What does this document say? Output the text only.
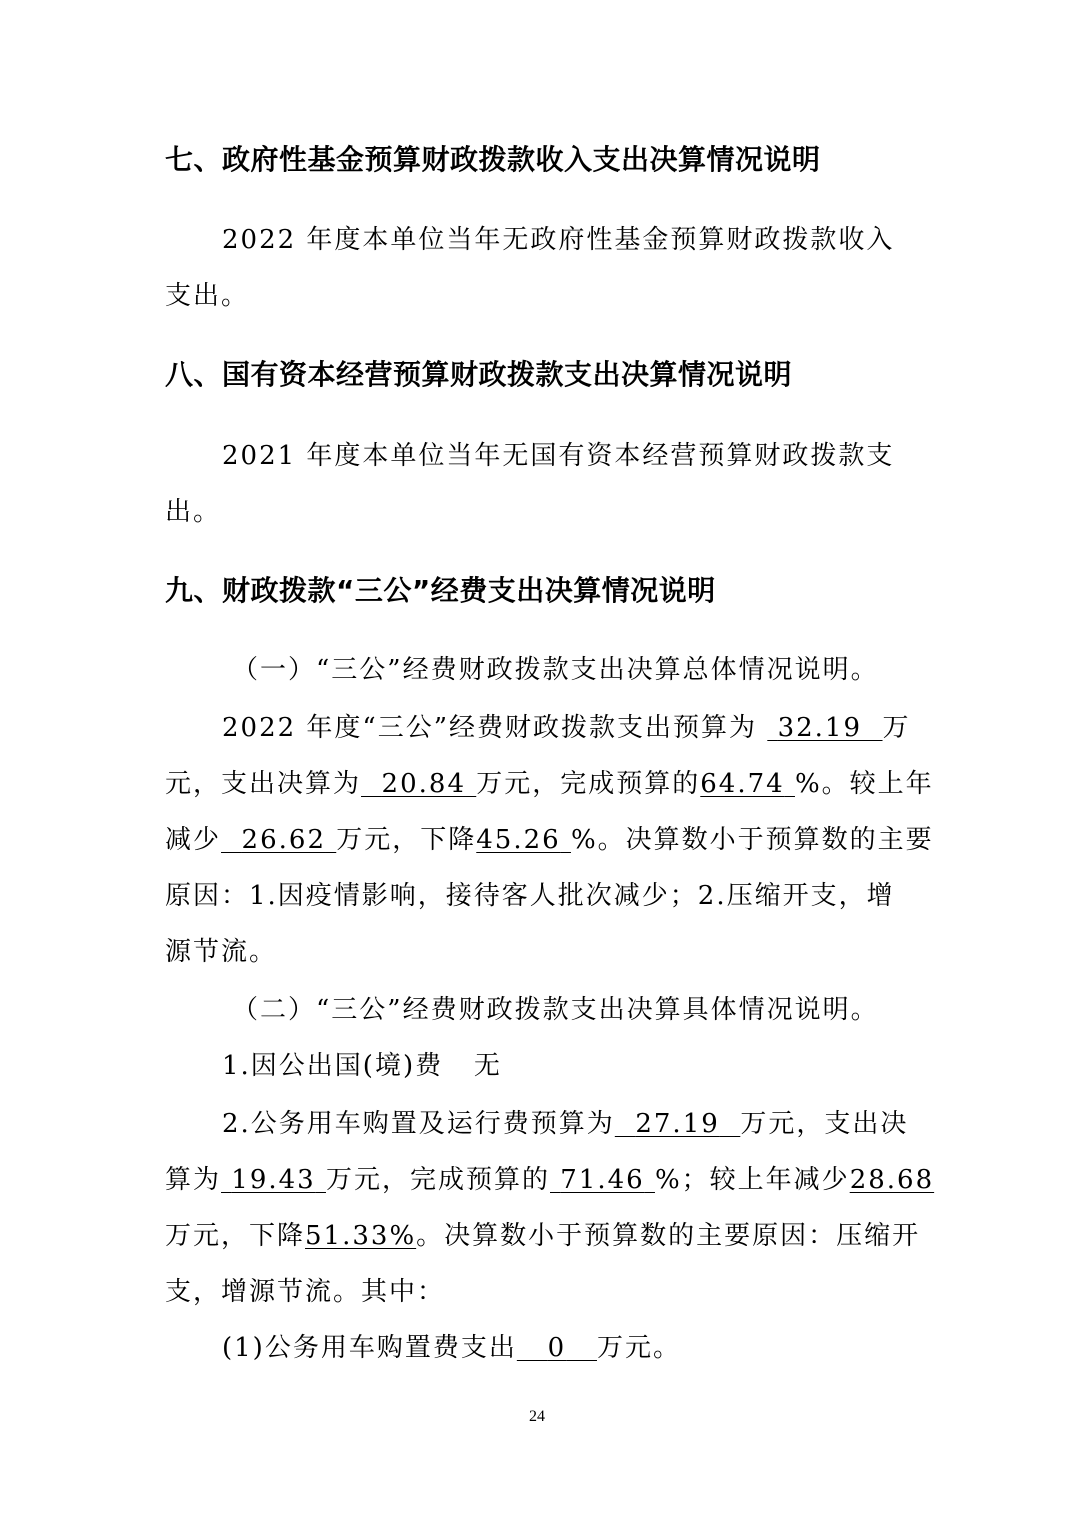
七、政府性基金预算财政拨款收入支出决算情况说明
2022 年度本单位当年无政府性基金预算财政拨款收入
支出。
八、国有资本经营预算财政拨款支出决算情况说明
2021 年度本单位当年无国有资本经营预算财政拨款支
出。
九、财政拨款“三公”经费支出决算情况说明
（一）“三公”经费财政拨款支出决算总体情况说明。
2022 年度“三公”经费财政拨款支出预算为 32.19 万
元，支出决算为 20.84 万元，完成预算的64.74 %。较上年
减少 26.62 万元，下降45.26 %。决算数小于预算数的主要
原因：1.因疫情影响，接待客人批次减少；2.压缩开支，增
源节流。
（二）“三公”经费财政拨款支出决算具体情况说明。
1.因公出国(境)费 无
2.公务用车购置及运行费预算为 27.19 万元，支出决
算为 19.43 万元，完成预算的 71.46 %；较上年减少28.68
万元，下降51.33%。决算数小于预算数的主要原因：压缩开
支，增源节流。其中：
(1)公务用车购置费支出 0 万元。
24
